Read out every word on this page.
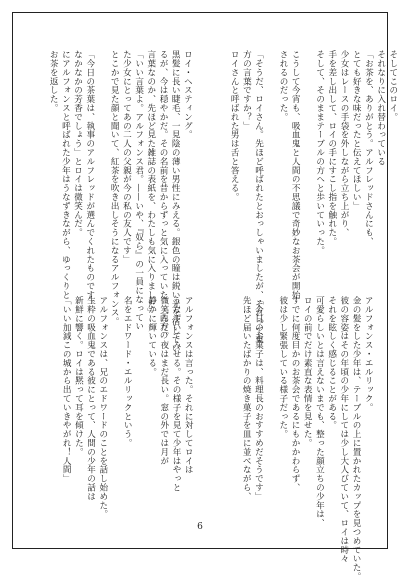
そしてこのロイ。
それなりに入れ替わっている
「お茶を、ありがとう。アルフレッドさんにも、
とても好きな味だったと伝えてほしい」
少女はレースの手袋を外しながら立ち上がり、
手を差し出して、ロイの手にすこし指を触れた。
そして、そのままテーブルの方へと歩いていった。

こうして今宵も、吸血鬼と人間の不思議で奇妙なお茶会が開始
されるのだった。

「そうだ、ロイさん。先ほど呼ばれたとおっしゃいましたが、それって東
方の言葉ですか？」
ロイさんと呼ばれた男は舌と答える。

ロイ・ヘスティング。
黒髪に長い睫毛、一見陰の薄い男性にみえる。銀色の瞳は鋭い光を宿してい
るが、今は穏やかだ。その名前を昔からずっと気に入っていた。「西方の
言葉なのか、先ほど見た雑誌の表紙を、わたしも気に入りました」
「いい言葉よ。アルフォンス君。——いや、『奴ら』の一員になってい
た少女にとってあの二人の父親が今の私の友人です」
とこかで見た顔と聞いて、紅茶を吹き出しそうになるアルフォンス。

「今日の茶葉は、執事のアルフレッドが選んでくれたものです。
なかなかの芳香でしょう」とロイは微笑んだ。
にアルフォンスと呼ばれた少年はうなずきながら、ゆっくりと
お茶を返した。
アルフォンス・エルリック。
金の髪をした少年は、テーブルの上に置かれたカップを見つめていた。
彼の容姿はその年頃の少年にしては少し大人びていて、ロイは時々
それを眩しく感じることがある。
可愛らしいとは言えないまでも、整った顔立ちの少年は、
ロイの前でだけ素直な表情を見せた。
すでに何度目かのお茶会であるにもかかわらず、
彼は少し緊張している様子だった。

「今日のお菓子は、料理長のおすすめだそうです」
先ほど届いたばかりの焼き菓子を皿に並べながら、
アルフォンスは言った。それに対してロイは
うなずいてみせる。その様子を見て少年はやっと
微笑んだ。夜はまだ長い。窓の外では月が
静かに輝いている。

名をエドワード・エルリックという。

アルフォンスは、兄のエドワードのことを話し始めた。
生粋の吸血鬼である彼にとって、人間の少年の話は
新鮮に響く。ロイは黙って耳を傾けた。
「いい加減この城から出ていきやがれ！人間」
6
